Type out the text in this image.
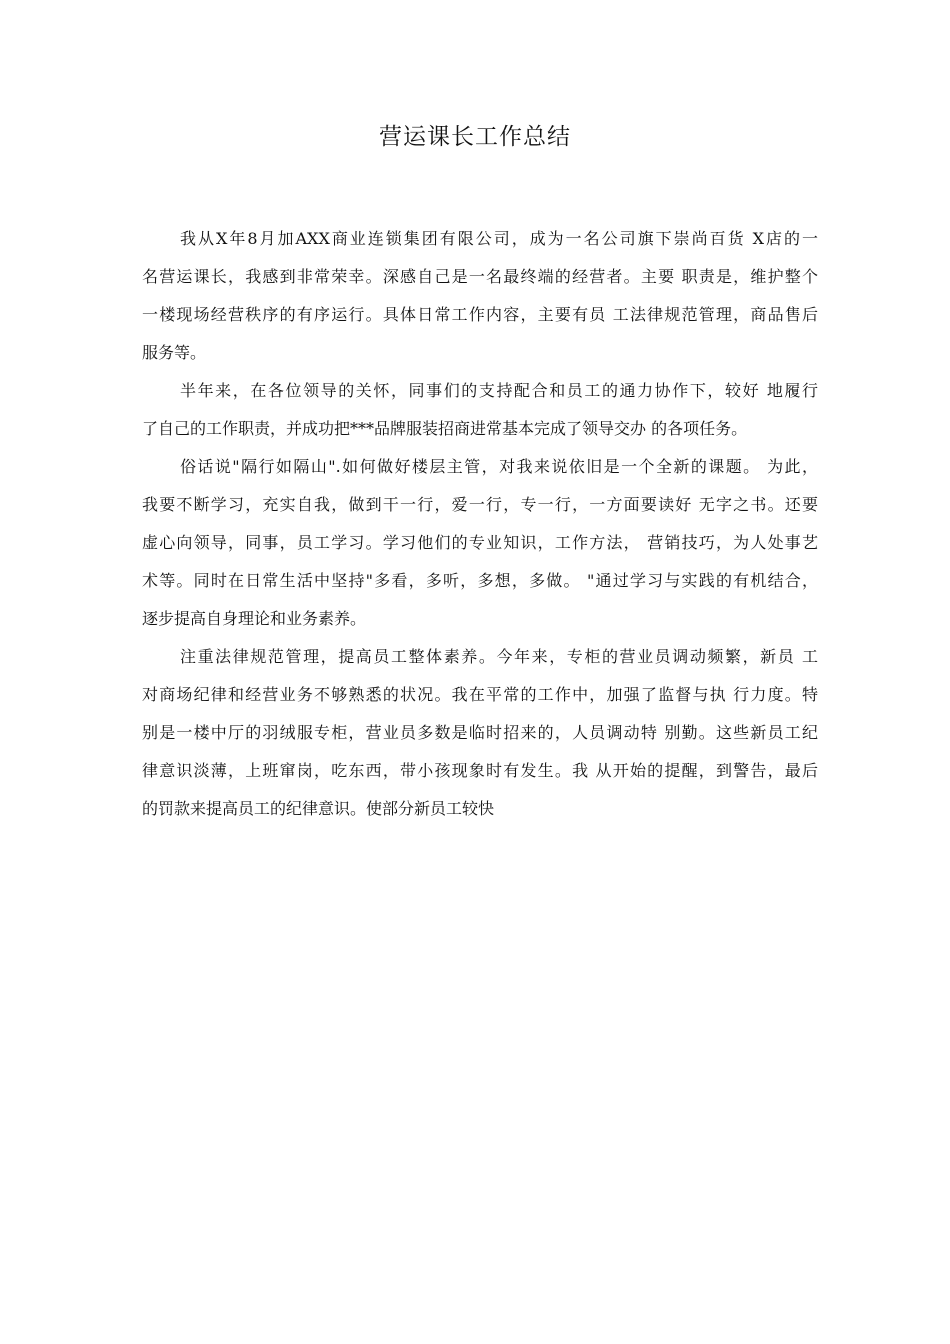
营运课长工作总结
我从X年8月加AXX商业连锁集团有限公司，成为一名公司旗下崇尚百货 X店的一
名营运课长，我感到非常荣幸。深感自己是一名最终端的经营者。主要 职责是，维护整个
一楼现场经营秩序的有序运行。具体日常工作内容，主要有员 工法律规范管理，商品售后
服务等。
半年来，在各位领导的关怀，同事们的支持配合和员工的通力协作下，较好 地履行
了自己的工作职责，并成功把***品牌服装招商进常基本完成了领导交办 的各项任务。
俗话说"隔行如隔山".如何做好楼层主管，对我来说依旧是一个全新的课题。 为此，
我要不断学习，充实自我，做到干一行，爱一行，专一行，一方面要读好 无字之书。还要
虚心向领导，同事，员工学习。学习他们的专业知识，工作方法， 营销技巧，为人处事艺
术等。同时在日常生活中坚持"多看，多听，多想，多做。 "通过学习与实践的有机结合，
逐步提高自身理论和业务素养。
注重法律规范管理，提高员工整体素养。今年来，专柜的营业员调动频繁，新员 工
对商场纪律和经营业务不够熟悉的状况。我在平常的工作中，加强了监督与执 行力度。特
别是一楼中厅的羽绒服专柜，营业员多数是临时招来的，人员调动特 别勤。这些新员工纪
律意识淡薄，上班窜岗，吃东西，带小孩现象时有发生。我 从开始的提醒，到警告，最后
的罚款来提高员工的纪律意识。使部分新员工较快
